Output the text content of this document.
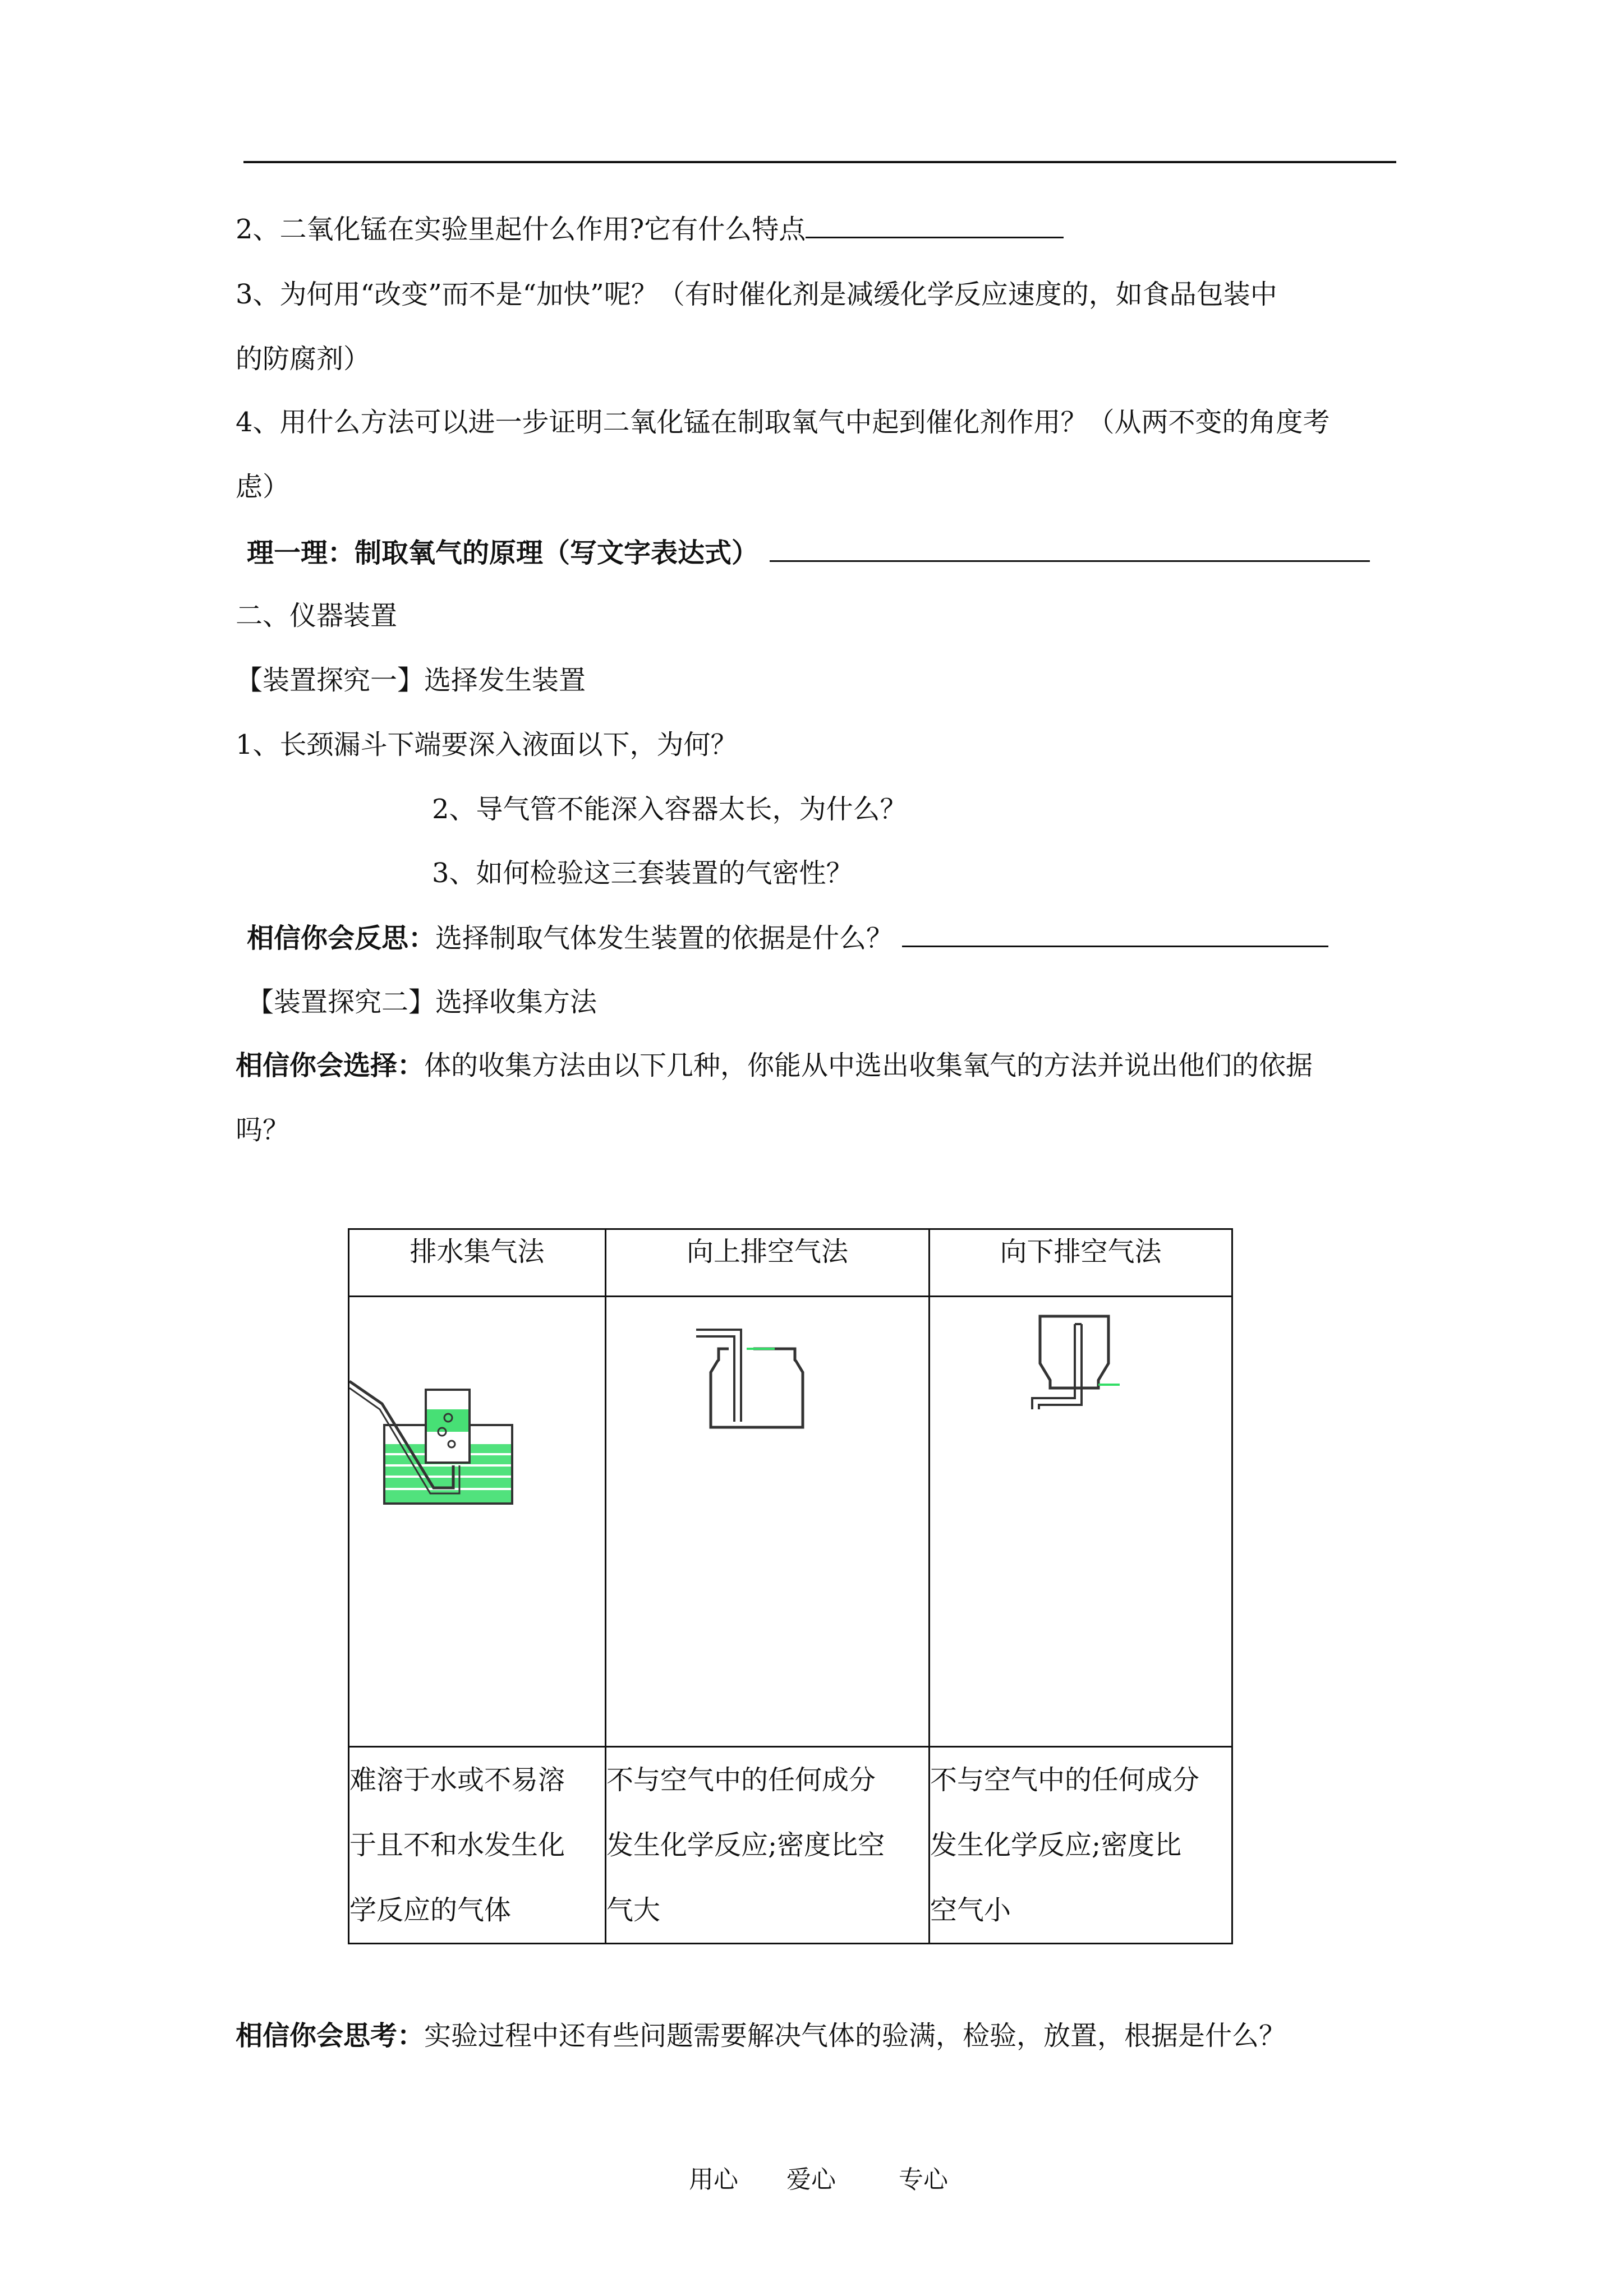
2、二氧化锰在实验里起什么作用?它有什么特点
3、为何用“改变”而不是“加快”呢？（有时催化剂是减缓化学反应速度的，如食品包装中
的防腐剂）
4、用什么方法可以进一步证明二氧化锰在制取氧气中起到催化剂作用？（从两不变的角度考
虑）
理一理：制取氧气的原理（写文字表达式）
二、仪器装置
【装置探究一】选择发生装置
1、长颈漏斗下端要深入液面以下，为何？
2、导气管不能深入容器太长，为什么？
3、如何检验这三套装置的气密性？
相信你会反思：选择制取气体发生装置的依据是什么？
【装置探究二】选择收集方法
相信你会选择：体的收集方法由以下几种，你能从中选出收集氧气的方法并说出他们的依据
吗？
排水集气法	向上排空气法	向下排空气法

难溶于水或不易溶
于且不和水发生化
学反应的气体	不与空气中的任何成分
发生化学反应;密度比空
气大	不与空气中的任何成分
发生化学反应;密度比
空气小
相信你会思考：实验过程中还有些问题需要解决气体的验满，检验，放置，根据是什么？
用心 爱心	专心
